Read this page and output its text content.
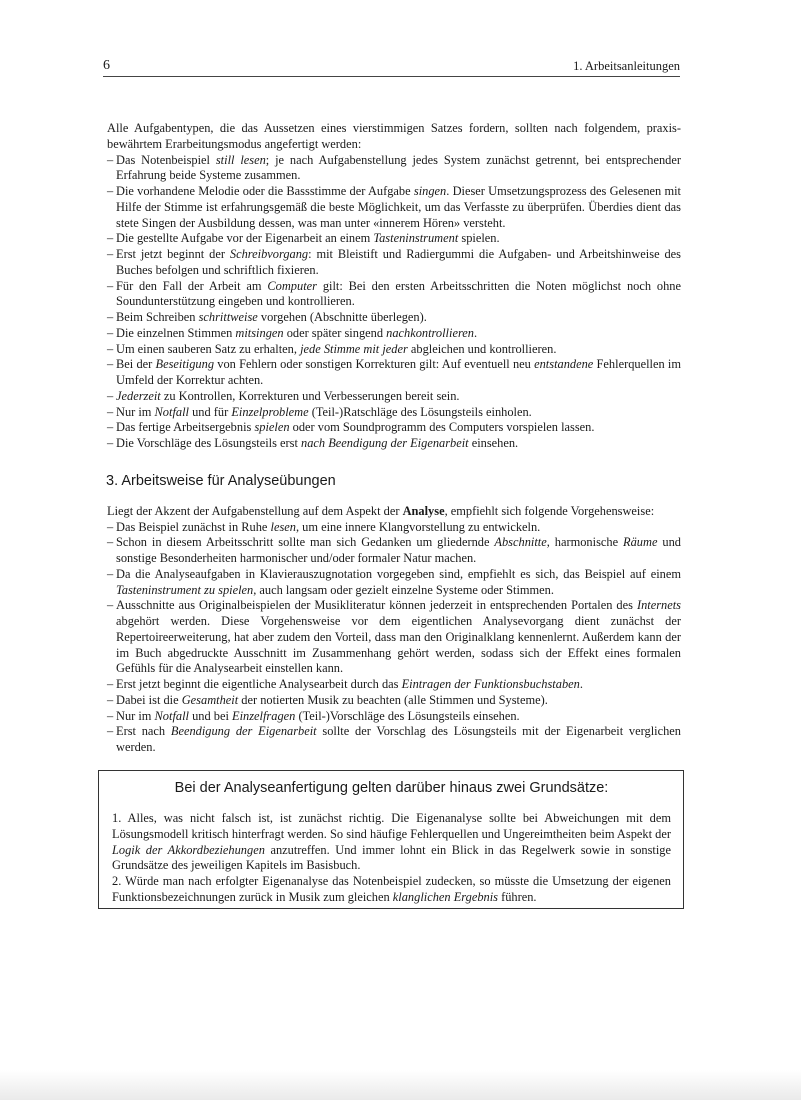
6	1. Arbeitsanleitungen

Alle Aufgabentypen, die das Aussetzen eines vierstimmigen Satzes fordern, sollten nach folgendem, praxis-bewährtem Erarbeitungsmodus angefertigt werden:

– Das Notenbeispiel still lesen; je nach Aufgabenstellung jedes System zunächst getrennt, bei entsprechender Erfahrung beide Systeme zusammen.
– Die vorhandene Melodie oder die Bassstimme der Aufgabe singen. Dieser Umsetzungsprozess des Gelesenen mit Hilfe der Stimme ist erfahrungsgemäß die beste Möglichkeit, um das Verfasste zu überprüfen. Überdies dient das stete Singen der Ausbildung dessen, was man unter «innerem Hören» versteht.
– Die gestellte Aufgabe vor der Eigenarbeit an einem Tasteninstrument spielen.
– Erst jetzt beginnt der Schreibvorgang: mit Bleistift und Radiergummi die Aufgaben- und Arbeitshinweise des Buches befolgen und schriftlich fixieren.
– Für den Fall der Arbeit am Computer gilt: Bei den ersten Arbeitsschritten die Noten möglichst noch ohne Soundunterstützung eingeben und kontrollieren.
– Beim Schreiben schrittweise vorgehen (Abschnitte überlegen).
– Die einzelnen Stimmen mitsingen oder später singend nachkontrollieren.
– Um einen sauberen Satz zu erhalten, jede Stimme mit jeder abgleichen und kontrollieren.
– Bei der Beseitigung von Fehlern oder sonstigen Korrekturen gilt: Auf eventuell neu entstandene Fehlerquellen im Umfeld der Korrektur achten.
– Jederzeit zu Kontrollen, Korrekturen und Verbesserungen bereit sein.
– Nur im Notfall und für Einzelprobleme (Teil-)Ratschläge des Lösungsteils einholen.
– Das fertige Arbeitsergebnis spielen oder vom Soundprogramm des Computers vorspielen lassen.
– Die Vorschläge des Lösungsteils erst nach Beendigung der Eigenarbeit einsehen.
3. Arbeitsweise für Analyseübungen

Liegt der Akzent der Aufgabenstellung auf dem Aspekt der Analyse, empfiehlt sich folgende Vorgehensweise:

– Das Beispiel zunächst in Ruhe lesen, um eine innere Klangvorstellung zu entwickeln.
– Schon in diesem Arbeitsschritt sollte man sich Gedanken um gliedernde Abschnitte, harmonische Räume und sonstige Besonderheiten harmonischer und/oder formaler Natur machen.
– Da die Analyseaufgaben in Klavierauszugnotation vorgegeben sind, empfiehlt es sich, das Beispiel auf einem Tasteninstrument zu spielen, auch langsam oder gezielt einzelne Systeme oder Stimmen.
– Ausschnitte aus Originalbeispielen der Musikliteratur können jederzeit in entsprechenden Portalen des Internets abgehört werden. Diese Vorgehensweise vor dem eigentlichen Analysevorgang dient zunächst der Repertoireerweiterung, hat aber zudem den Vorteil, dass man den Originalklang kennenlernt. Außerdem kann der im Buch abgedruckte Ausschnitt im Zusammenhang gehört werden, sodass sich der Effekt eines formalen Gefühls für die Analysearbeit einstellen kann.
– Erst jetzt beginnt die eigentliche Analysearbeit durch das Eintragen der Funktionsbuchstaben.
– Dabei ist die Gesamtheit der notierten Musik zu beachten (alle Stimmen und Systeme).
– Nur im Notfall und bei Einzelfragen (Teil-)Vorschläge des Lösungsteils einsehen.
– Erst nach Beendigung der Eigenarbeit sollte der Vorschlag des Lösungsteils mit der Eigenarbeit verglichen werden.
Bei der Analyseanfertigung gelten darüber hinaus zwei Grundsätze:

1. Alles, was nicht falsch ist, ist zunächst richtig. Die Eigenanalyse sollte bei Abweichungen mit dem Lösungsmodell kritisch hinterfragt werden. So sind häufige Fehlerquellen und Ungereimtheiten beim Aspekt der Logik der Akkordbeziehungen anzutreffen. Und immer lohnt ein Blick in das Regelwerk sowie in sonstige Grundsätze des jeweiligen Kapitels im Basisbuch.

2. Würde man nach erfolgter Eigenanalyse das Notenbeispiel zudecken, so müsste die Umsetzung der eigenen Funktionsbezeichnungen zurück in Musik zum gleichen klanglichen Ergebnis führen.
